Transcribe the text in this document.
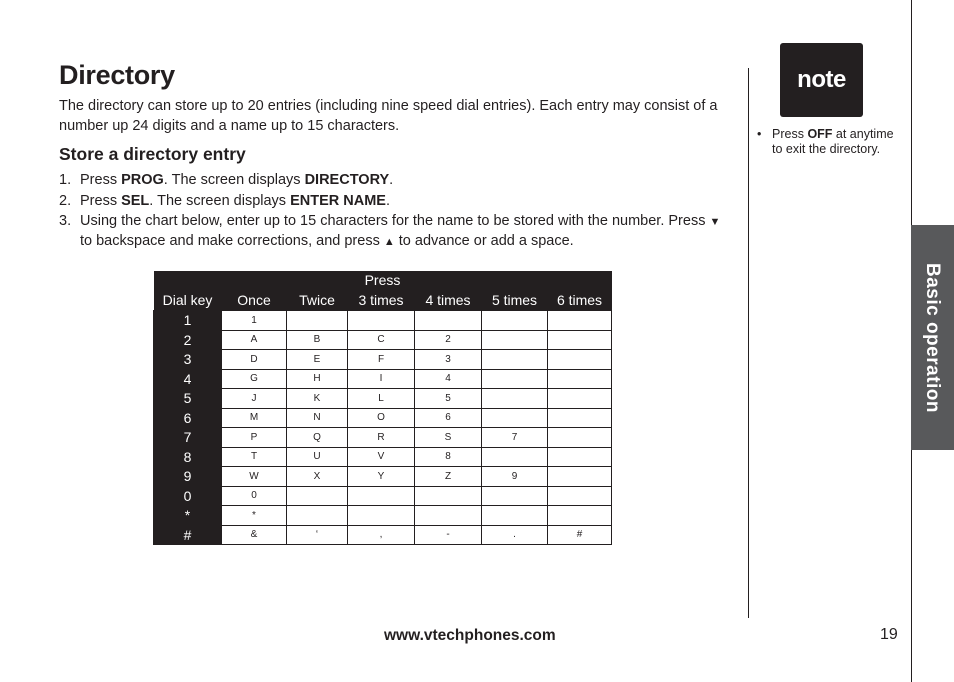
Directory

The directory can store up to 20 entries (including nine speed dial entries). Each entry may consist of a number up 24 digits and a name up to 15 characters.

Store a directory entry
1. Press PROG. The screen displays DIRECTORY.
2. Press SEL. The screen displays ENTER NAME.
3. Using the chart below, enter up to 15 characters for the name to be stored with the number. Press ▼ to backspace and make corrections, and press ▲ to advance or add a space.
Press						
Dial key	Once	Twice	3 times	4 times	5 times	6 times
1	1					
2	A	B	C	2		
3	D	E	F	3		
4	G	H	I	4		
5	J	K	L	5		
6	M	N	O	6		
7	P	Q	R	S	7	
8	T	U	V	8		
9	W	X	Y	Z	9	
0	0					
*	*					
#	&	‘	,	-	.	#
note
• Press OFF at anytime to exit the directory.
Basic operation
www.vtechphones.com	19
